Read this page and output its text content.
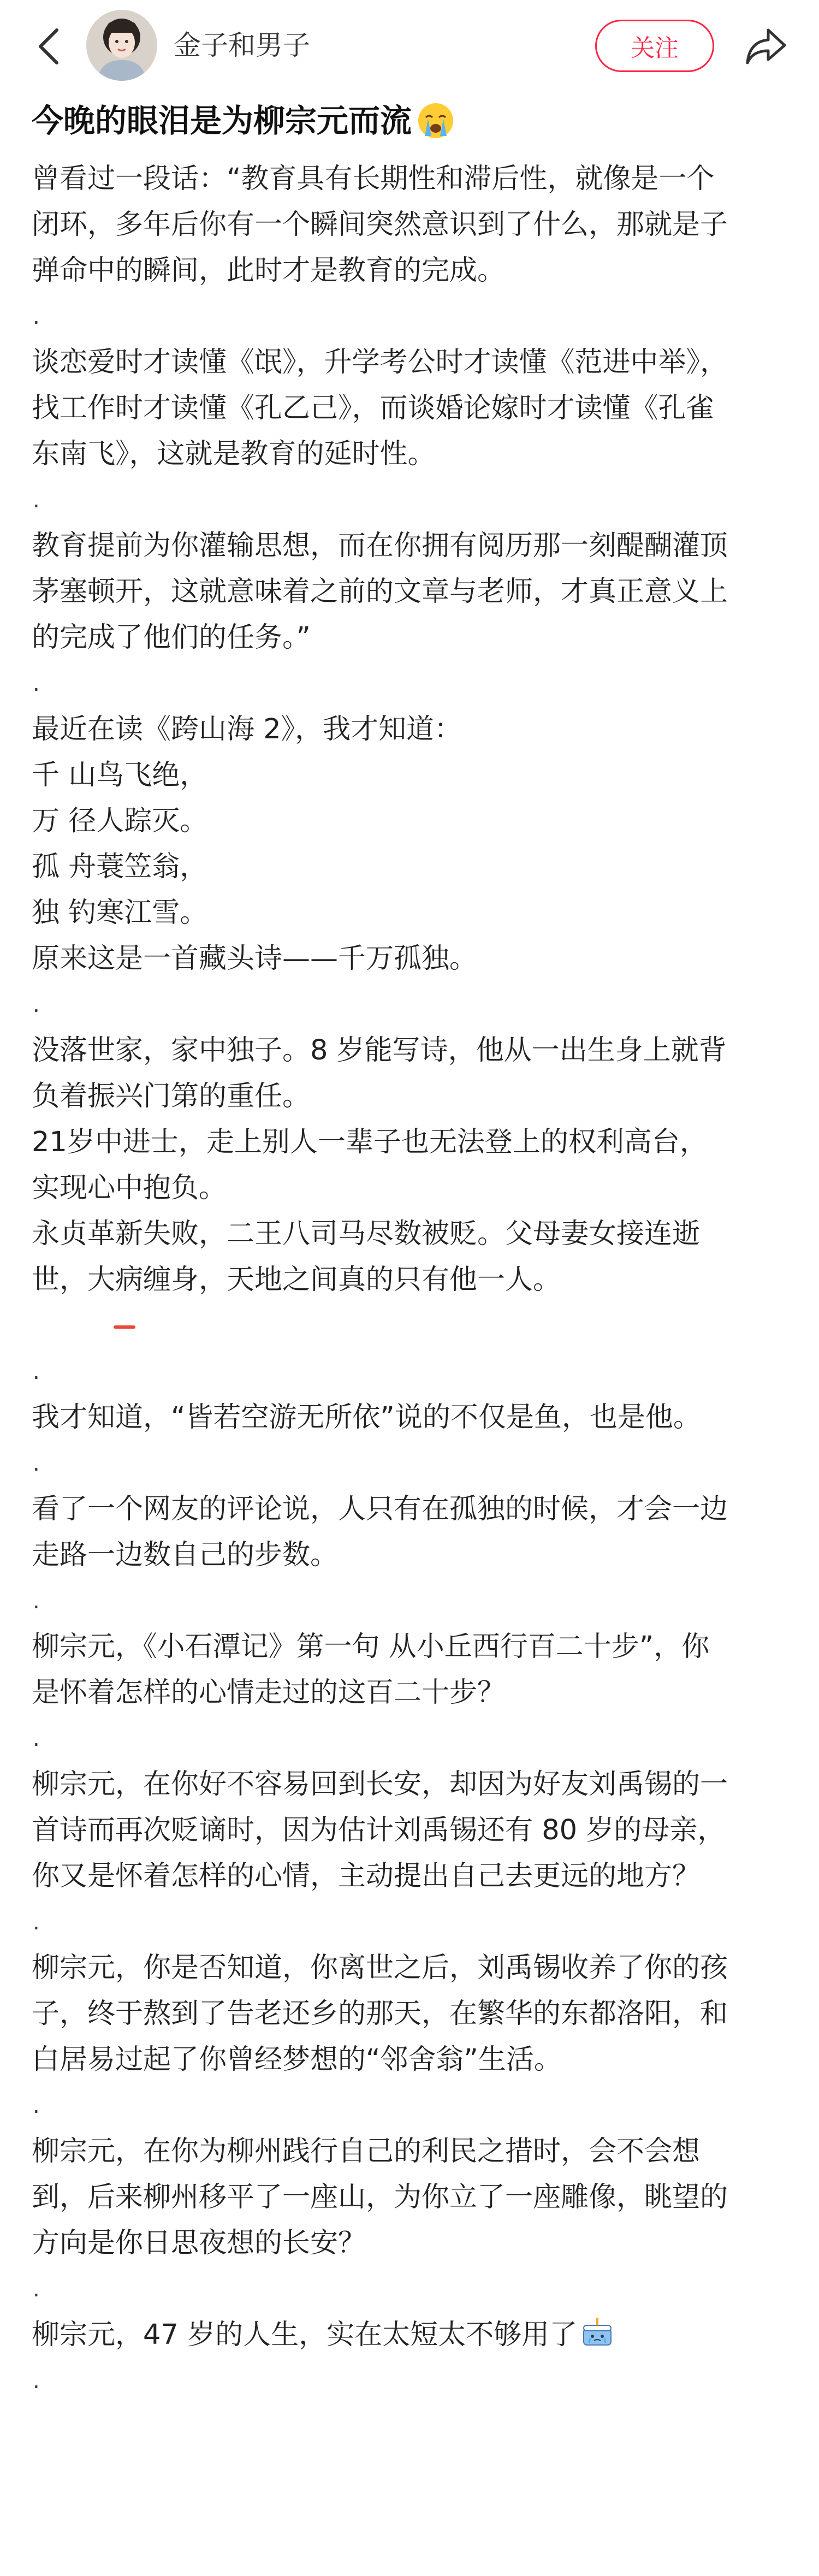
金子和男子	关注
今晚的眼泪是为柳宗元而流
曾看过一段话：“教育具有长期性和滞后性，就像是一个
闭环，多年后你有一个瞬间突然意识到了什么，那就是子
弹命中的瞬间，此时才是教育的完成。
.
谈恋爱时才读懂《氓》，升学考公时才读懂《范进中举》，
找工作时才读懂《孔乙己》，而谈婚论嫁时才读懂《孔雀
东南飞》，这就是教育的延时性。
.
教育提前为你灌输思想，而在你拥有阅历那一刻醍醐灌顶
茅塞顿开，这就意味着之前的文章与老师，才真正意义上
的完成了他们的任务。”
.
最近在读《跨山海 2》，我才知道：
千 山鸟飞绝，
万 径人踪灭。
孤 舟蓑笠翁，
独 钓寒江雪。
原来这是一首藏头诗——千万孤独。
.
没落世家，家中独子。8 岁能写诗，他从一出生身上就背
负着振兴门第的重任。
21岁中进士，走上别人一辈子也无法登上的权利高台，
实现心中抱负。
永贞革新失败，二王八司马尽数被贬。父母妻女接连逝
世，大病缠身，天地之间真的只有他一人。
.
我才知道，“皆若空游无所依”说的不仅是鱼，也是他。
.
看了一个网友的评论说，人只有在孤独的时候，才会一边
走路一边数自己的步数。
.
柳宗元，《小石潭记》第一句 从小丘西行百二十步”，你
是怀着怎样的心情走过的这百二十步？
.
柳宗元，在你好不容易回到长安，却因为好友刘禹锡的一
首诗而再次贬谪时，因为估计刘禹锡还有 80 岁的母亲，
你又是怀着怎样的心情，主动提出自己去更远的地方？
.
柳宗元，你是否知道，你离世之后，刘禹锡收养了你的孩
子，终于熬到了告老还乡的那天，在繁华的东都洛阳，和
白居易过起了你曾经梦想的“邻舍翁”生活。
.
柳宗元，在你为柳州践行自己的利民之措时，会不会想
到，后来柳州移平了一座山，为你立了一座雕像，眺望的
方向是你日思夜想的长安？
.
柳宗元，47 岁的人生，实在太短太不够用了
.
